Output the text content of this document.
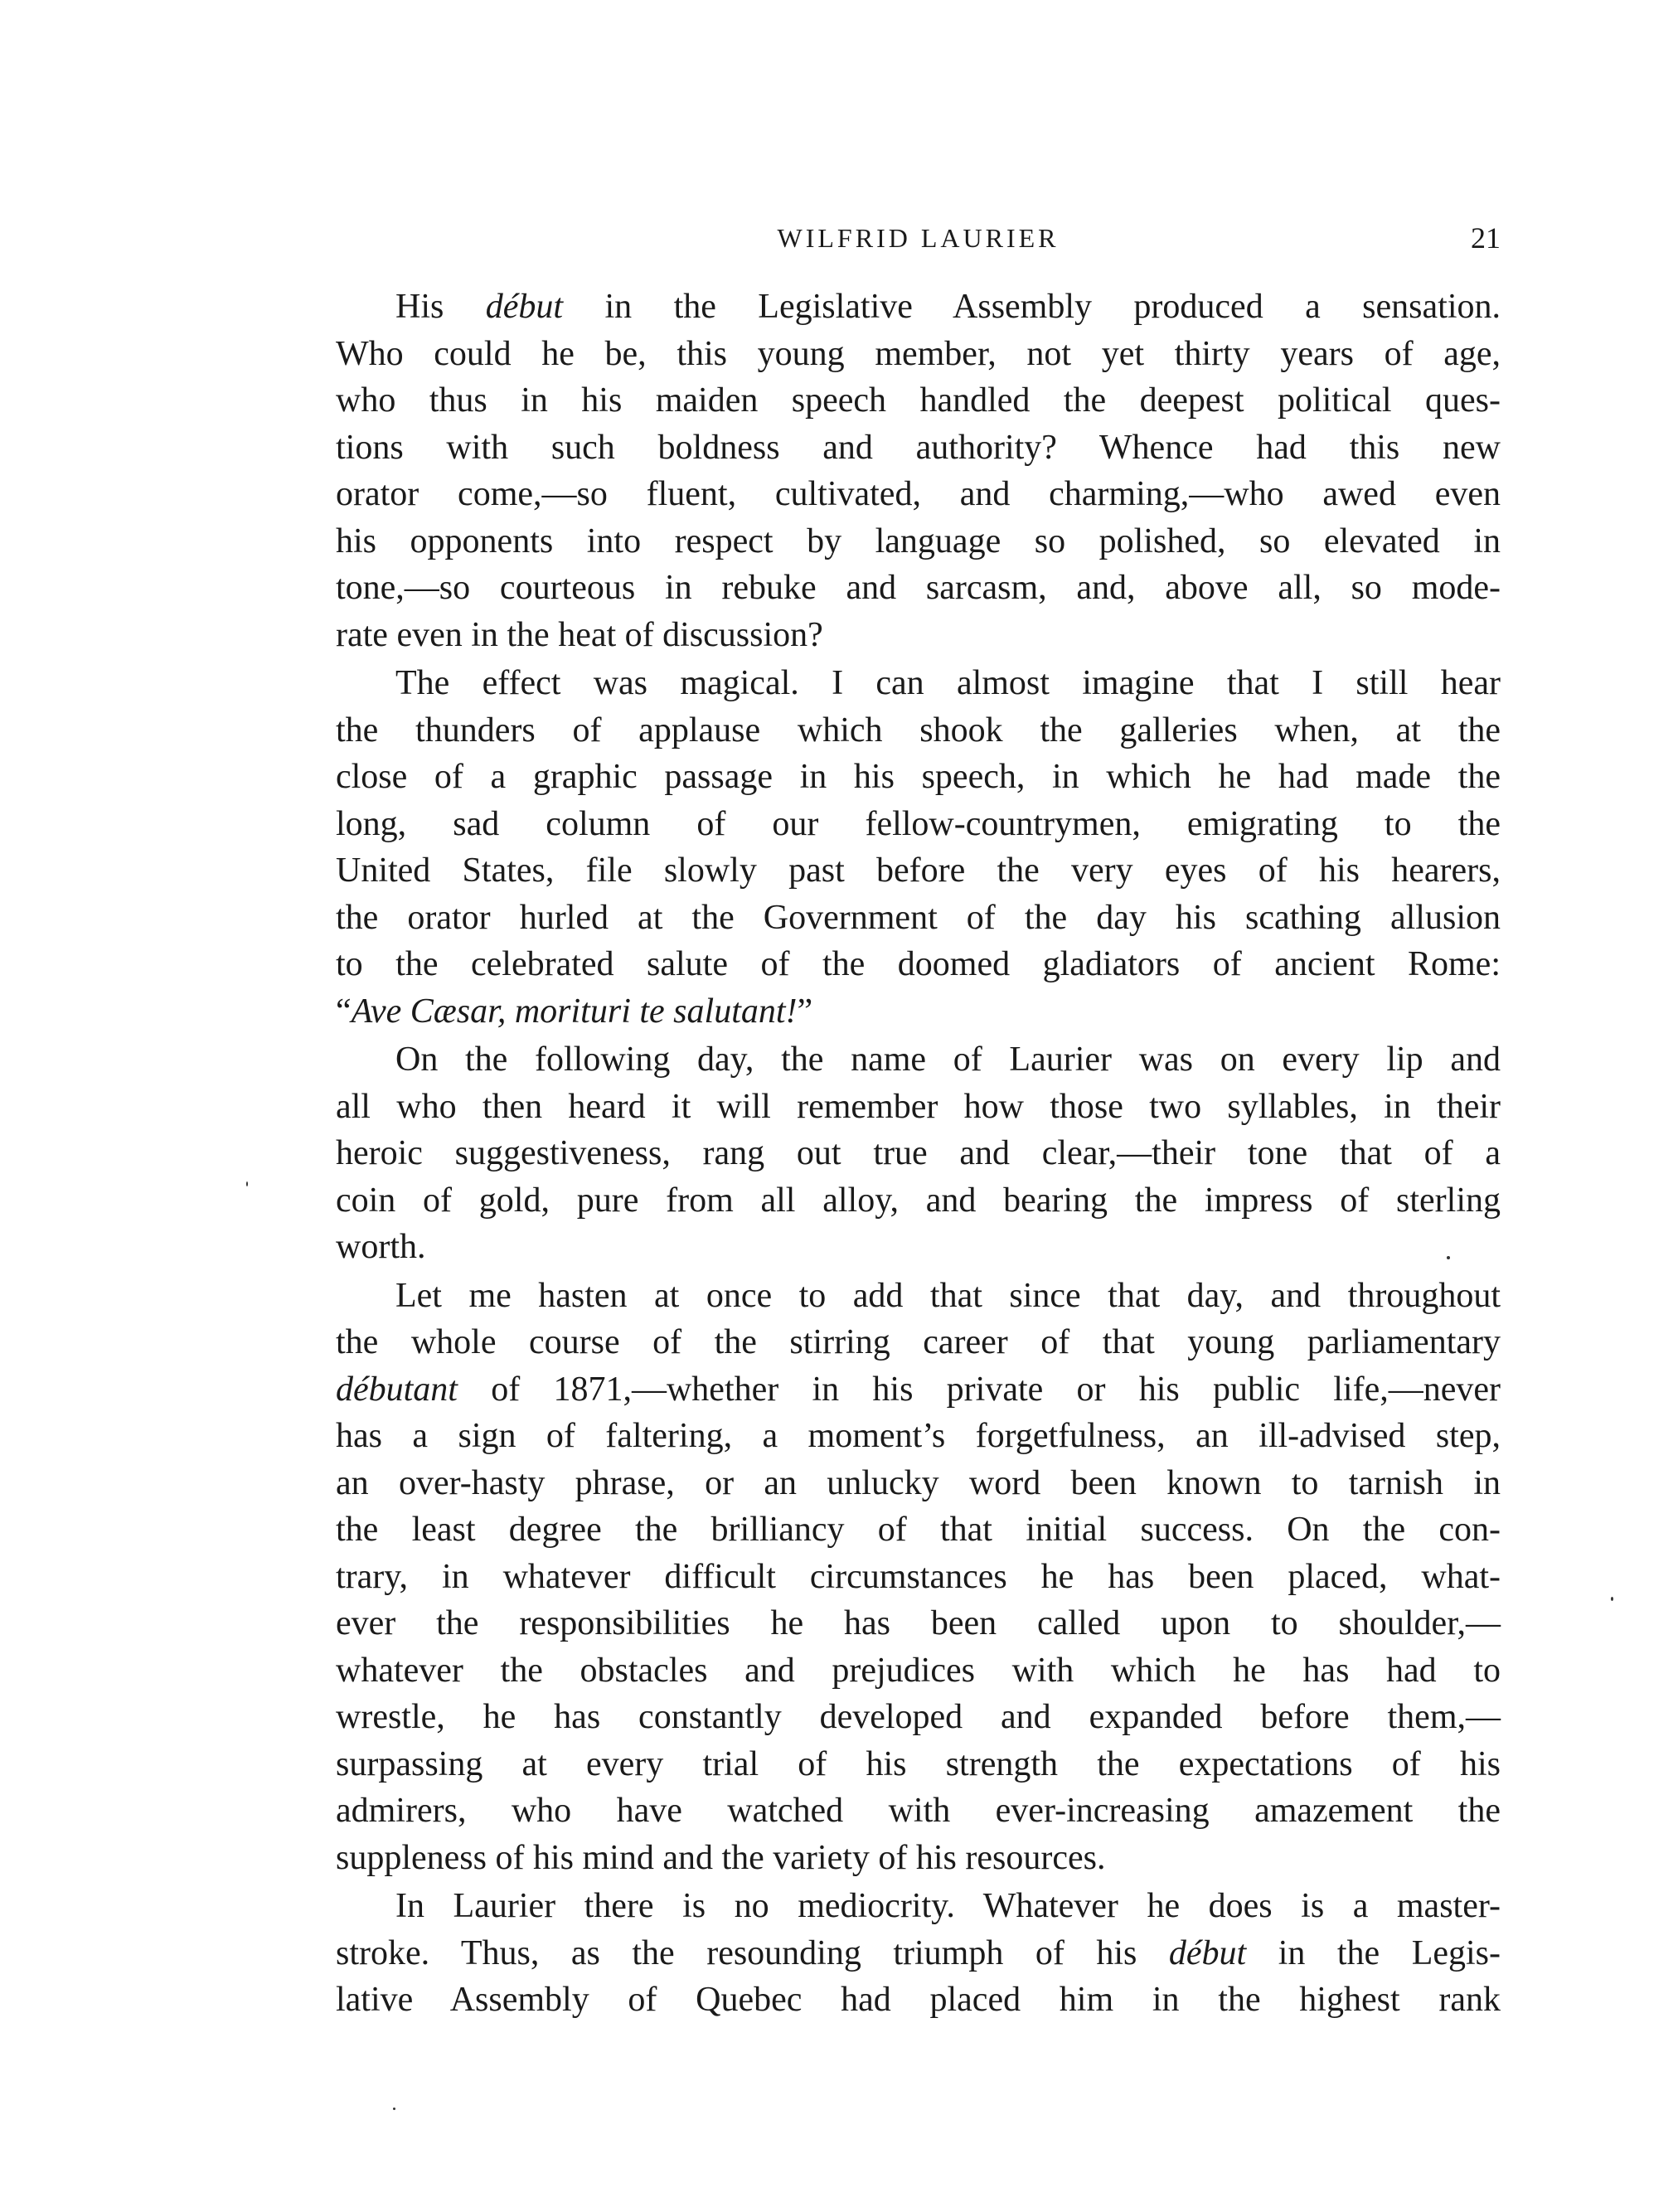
WILFRID LAURIER	21

His début in the Legislative Assembly produced a sensation.
Who could he be, this young member, not yet thirty years of age,
who thus in his maiden speech handled the deepest political ques-
tions with such boldness and authority? Whence had this new
orator come,—so fluent, cultivated, and charming,—who awed even
his opponents into respect by language so polished, so elevated in
tone,—so courteous in rebuke and sarcasm, and, above all, so mode-
rate even in the heat of discussion?

The effect was magical. I can almost imagine that I still hear
the thunders of applause which shook the galleries when, at the
close of a graphic passage in his speech, in which he had made the
long, sad column of our fellow-countrymen, emigrating to the
United States, file slowly past before the very eyes of his hearers,
the orator hurled at the Government of the day his scathing allusion
to the celebrated salute of the doomed gladiators of ancient Rome:
“Ave Cæsar, morituri te salutant!”

On the following day, the name of Laurier was on every lip and
all who then heard it will remember how those two syllables, in their
heroic suggestiveness, rang out true and clear,—their tone that of a
coin of gold, pure from all alloy, and bearing the impress of sterling
worth.

Let me hasten at once to add that since that day, and throughout
the whole course of the stirring career of that young parliamentary
débutant of 1871,—whether in his private or his public life,—never
has a sign of faltering, a moment’s forgetfulness, an ill-advised step,
an over-hasty phrase, or an unlucky word been known to tarnish in
the least degree the brilliancy of that initial success. On the con-
trary, in whatever difficult circumstances he has been placed, what-
ever the responsibilities he has been called upon to shoulder,—
whatever the obstacles and prejudices with which he has had to
wrestle, he has constantly developed and expanded before them,—
surpassing at every trial of his strength the expectations of his
admirers, who have watched with ever-increasing amazement the
suppleness of his mind and the variety of his resources.

In Laurier there is no mediocrity. Whatever he does is a master-
stroke. Thus, as the resounding triumph of his début in the Legis-
lative Assembly of Quebec had placed him in the highest rank
